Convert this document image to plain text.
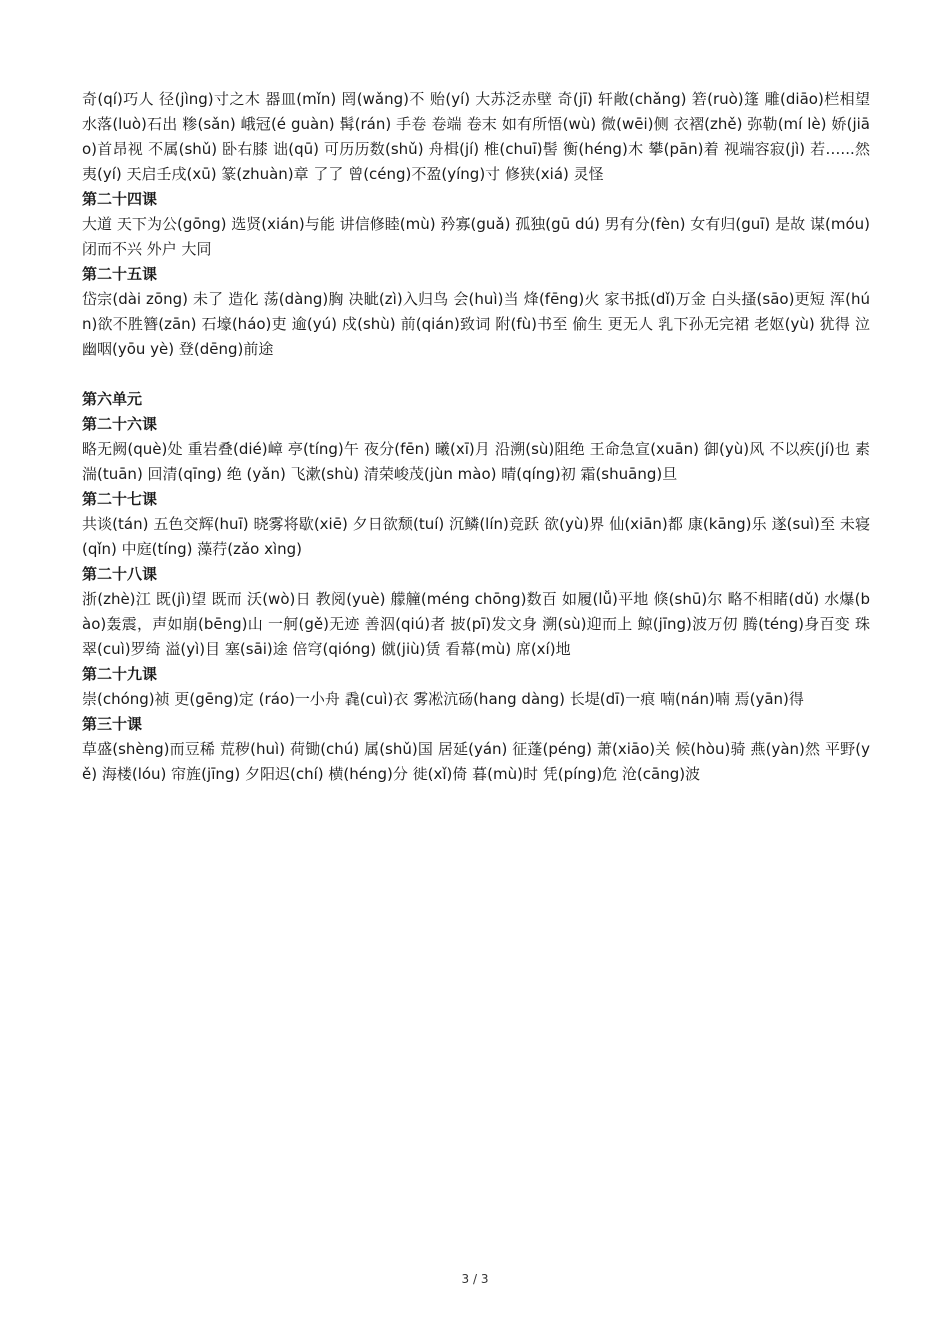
奇(qí)巧人 径(jìng)寸之木 器皿(mǐn) 罔(wǎng)不 贻(yí) 大苏泛赤壁 奇(jī) 轩敞(chǎng) 箬(ruò)篷 雕(diāo)栏相望 水落(luò)石出 糁(sǎn) 峨冠(é guàn) 髯(rán) 手卷 卷端 卷末 如有所悟(wù) 微(wēi)侧 衣褶(zhě) 弥勒(mí lè) 娇(jiāo)首昂视 不属(shǔ) 卧右膝 诎(qū) 可历历数(shǔ) 舟楫(jí) 椎(chuī)髻 衡(héng)木 攀(pān)着 视端容寂(jì) 若…...然 夷(yí) 天启壬戌(xū) 篆(zhuàn)章 了了 曾(céng)不盈(yíng)寸 修狭(xiá) 灵怪

第二十四课

大道 天下为公(gōng) 选贤(xián)与能 讲信修睦(mù) 矜寡(guǎ) 孤独(gū dú) 男有分(fèn) 女有归(guī) 是故 谋(móu)闭而不兴 外户 大同

第二十五课

岱宗(dài zōng) 未了 造化 荡(dàng)胸 决眦(zì)入归鸟 会(huì)当 烽(fēng)火 家书抵(dǐ)万金 白头搔(sāo)更短 浑(hún)欲不胜簪(zān) 石壕(háo)吏 逾(yú) 戍(shù) 前(qián)致词 附(fù)书至 偷生 更无人 乳下孙无完裙 老妪(yù) 犹得 泣幽咽(yōu yè) 登(dēng)前途

第六单元

第二十六课

略无阙(què)处 重岩叠(dié)嶂 亭(tíng)午 夜分(fēn) 曦(xī)月 沿溯(sù)阻绝 王命急宣(xuān) 御(yù)风 不以疾(jí)也 素湍(tuān) 回清(qīng) 绝 (yǎn) 飞漱(shù) 清荣峻茂(jùn mào) 晴(qíng)初 霜(shuāng)旦

第二十七课

共谈(tán) 五色交辉(huī) 晓雾将歇(xiē) 夕日欲颓(tuí) 沉鳞(lín)竞跃 欲(yù)界 仙(xiān)都 康(kāng)乐 遂(suì)至 未寝(qǐn) 中庭(tíng) 藻荇(zǎo xìng)

第二十八课

浙(zhè)江 既(jì)望 既而 沃(wò)日 教阅(yuè) 艨艟(méng chōng)数百 如履(lǚ)平地 倏(shū)尔 略不相睹(dǔ) 水爆(bào)轰震，声如崩(bēng)山 一舸(gě)无迹 善泅(qiú)者 披(pī)发文身 溯(sù)迎而上 鲸(jīng)波万仞 腾(téng)身百变 珠翠(cuì)罗绮 溢(yì)目 塞(sāi)途 倍穹(qióng) 僦(jiù)赁 看幕(mù) 席(xí)地

第二十九课

崇(chóng)祯 更(gēng)定 (ráo)一小舟 毳(cuì)衣 雾凇沆砀(hang dàng) 长堤(dī)一痕 喃(nán)喃 焉(yān)得

第三十课

草盛(shèng)而豆稀 荒秽(huì) 荷锄(chú) 属(shǔ)国 居延(yán) 征蓬(péng) 萧(xiāo)关 候(hòu)骑 燕(yàn)然 平野(yě) 海楼(lóu) 帘旌(jīng) 夕阳迟(chí) 横(héng)分 徙(xǐ)倚 暮(mù)时 凭(píng)危 沧(cāng)波

3 / 3
